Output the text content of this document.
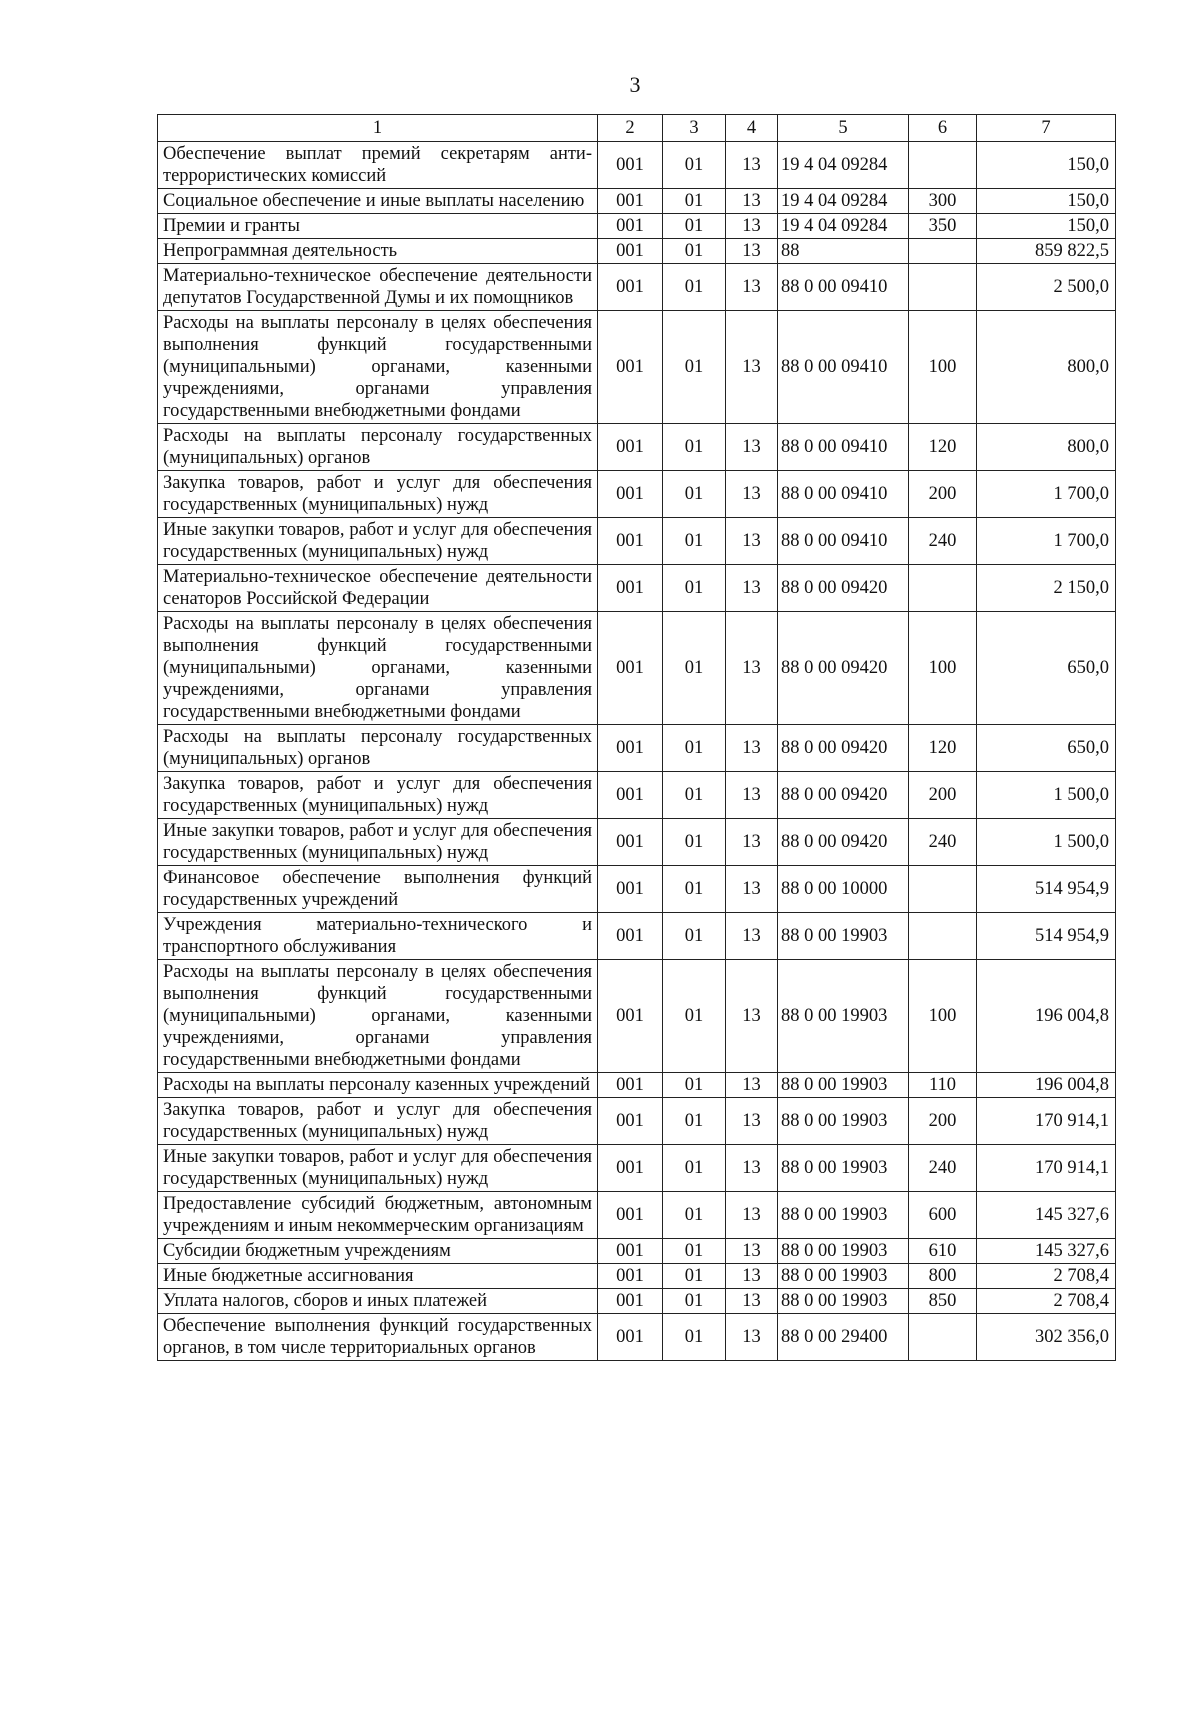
3
1	2	3	4	5	6	7
Обеспечение выплат премий секретарям анти-террористических комиссий	001	01	13	19 4 04 09284		150,0
Социальное обеспечение и иные выплаты населению	001	01	13	19 4 04 09284	300	150,0
Премии и гранты	001	01	13	19 4 04 09284	350	150,0
Непрограммная деятельность	001	01	13	88		859 822,5
Материально-техническое обеспечение деятельности депутатов Государственной Думы и их помощников	001	01	13	88 0 00 09410		2 500,0
Расходы на выплаты персоналу в целях обеспечения выполнения функций государственными (муниципальными) органами, казенными учреждениями, органами управления государственными внебюджетными фондами	001	01	13	88 0 00 09410	100	800,0
Расходы на выплаты персоналу государственных (муниципальных) органов	001	01	13	88 0 00 09410	120	800,0
Закупка товаров, работ и услуг для обеспечения государственных (муниципальных) нужд	001	01	13	88 0 00 09410	200	1 700,0
Иные закупки товаров, работ и услуг для обеспечения государственных (муниципальных) нужд	001	01	13	88 0 00 09410	240	1 700,0
Материально-техническое обеспечение деятельности сенаторов Российской Федерации	001	01	13	88 0 00 09420		2 150,0
Расходы на выплаты персоналу в целях обеспечения выполнения функций государственными (муниципальными) органами, казенными учреждениями, органами управления государственными внебюджетными фондами	001	01	13	88 0 00 09420	100	650,0
Расходы на выплаты персоналу государственных (муниципальных) органов	001	01	13	88 0 00 09420	120	650,0
Закупка товаров, работ и услуг для обеспечения государственных (муниципальных) нужд	001	01	13	88 0 00 09420	200	1 500,0
Иные закупки товаров, работ и услуг для обеспечения государственных (муниципальных) нужд	001	01	13	88 0 00 09420	240	1 500,0
Финансовое обеспечение выполнения функций государственных учреждений	001	01	13	88 0 00 10000		514 954,9
Учреждения материально-технического и транспортного обслуживания	001	01	13	88 0 00 19903		514 954,9
Расходы на выплаты персоналу в целях обеспечения выполнения функций государственными (муниципальными) органами, казенными учреждениями, органами управления государственными внебюджетными фондами	001	01	13	88 0 00 19903	100	196 004,8
Расходы на выплаты персоналу казенных учреждений	001	01	13	88 0 00 19903	110	196 004,8
Закупка товаров, работ и услуг для обеспечения государственных (муниципальных) нужд	001	01	13	88 0 00 19903	200	170 914,1
Иные закупки товаров, работ и услуг для обеспечения государственных (муниципальных) нужд	001	01	13	88 0 00 19903	240	170 914,1
Предоставление субсидий бюджетным, автономным учреждениям и иным некоммерческим организациям	001	01	13	88 0 00 19903	600	145 327,6
Субсидии бюджетным учреждениям	001	01	13	88 0 00 19903	610	145 327,6
Иные бюджетные ассигнования	001	01	13	88 0 00 19903	800	2 708,4
Уплата налогов, сборов и иных платежей	001	01	13	88 0 00 19903	850	2 708,4
Обеспечение выполнения функций государственных органов, в том числе территориальных органов	001	01	13	88 0 00 29400		302 356,0
